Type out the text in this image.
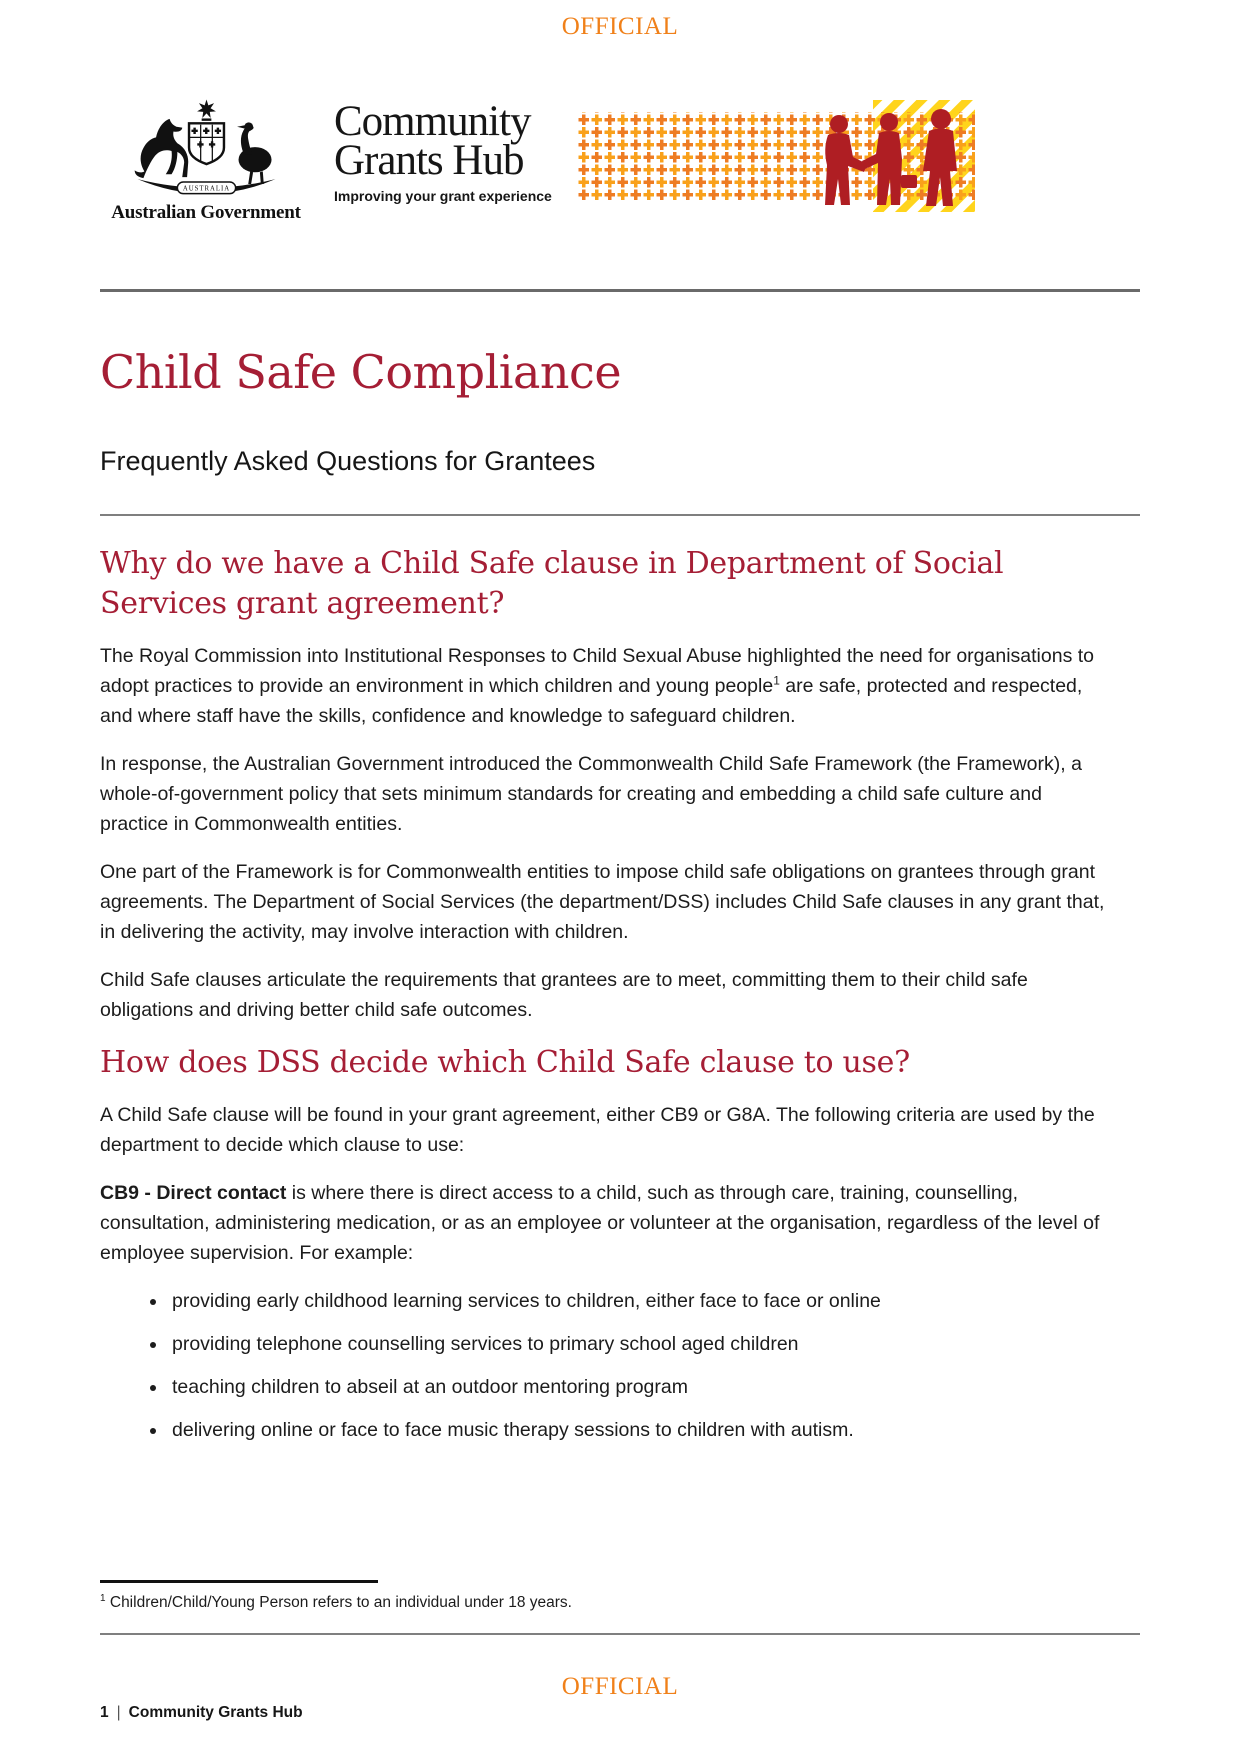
OFFICIAL
AUSTRALIA
Australian Government
Community
Grants Hub
Improving your grant experience
Child Safe Compliance
Frequently Asked Questions for Grantees
Why do we have a Child Safe clause in Department of Social Services grant agreement?

The Royal Commission into Institutional Responses to Child Sexual Abuse highlighted the need for organisations to adopt practices to provide an environment in which children and young people$^1$ are safe, protected and respected, and where staff have the skills, confidence and knowledge to safeguard children.

In response, the Australian Government introduced the Commonwealth Child Safe Framework (the Framework), a whole-of-government policy that sets minimum standards for creating and embedding a child safe culture and practice in Commonwealth entities.

One part of the Framework is for Commonwealth entities to impose child safe obligations on grantees through grant agreements. The Department of Social Services (the department/DSS) includes Child Safe clauses in any grant that, in delivering the activity, may involve interaction with children.

Child Safe clauses articulate the requirements that grantees are to meet, committing them to their child safe obligations and driving better child safe outcomes.

How does DSS decide which Child Safe clause to use?

A Child Safe clause will be found in your grant agreement, either CB9 or G8A. The following criteria are used by the department to decide which clause to use:

CB9 - Direct contact is where there is direct access to a child, such as through care, training, counselling, consultation, administering medication, or as an employee or volunteer at the organisation, regardless of the level of employee supervision. For example:

• providing early childhood learning services to children, either face to face or online
• providing telephone counselling services to primary school aged children
• teaching children to abseil at an outdoor mentoring program
• delivering online or face to face music therapy sessions to children with autism.
$^1$ Children/Child/Young Person refers to an individual under 18 years.
OFFICIAL
1 | Community Grants Hub
